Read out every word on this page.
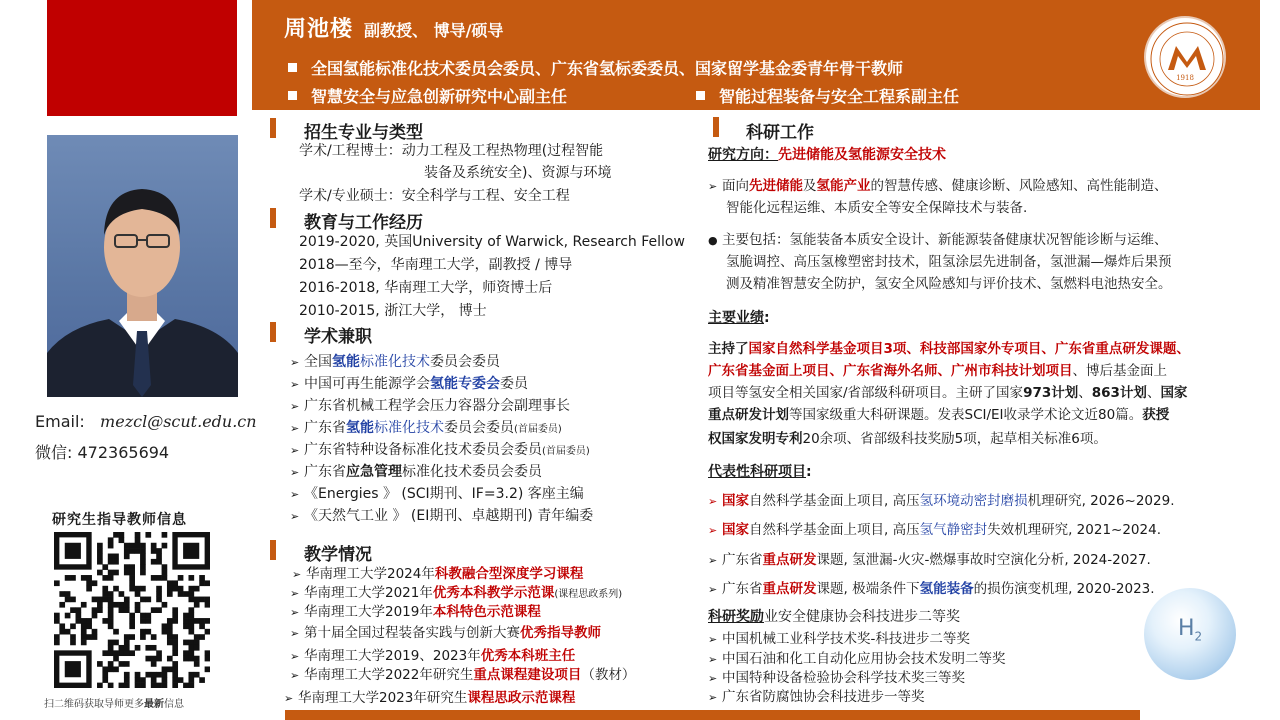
周池楼 副教授、 博导/硕导
全国氢能标准化技术委员会委员、广东省氢标委委员、国家留学基金委青年骨干教师
智慧安全与应急创新研究中心副主任	智能过程装备与安全工程系副主任
1918
Email: mezcl@scut.edu.cn
微信: 472365694
研究生指导教师信息
扫二维码获取导师更多最新信息
招生专业与类型
学术/工程博士：动力工程及工程热物理(过程智能
装备及系统安全)、资源与环境
学术/专业硕士：安全科学与工程、安全工程
教育与工作经历
2019-2020, 英国University of Warwick, Research Fellow
2018—至今，华南理工大学，副教授 / 博导
2016-2018, 华南理工大学，师资博士后
2010-2015, 浙江大学， 博士
学术兼职
➢ 全国氢能标准化技术委员会委员
➢ 中国可再生能源学会氢能专委会委员
➢ 广东省机械工程学会压力容器分会副理事长
➢ 广东省氢能标准化技术委员会委员(首届委员)
➢ 广东省特种设备标准化技术委员会委员(首届委员)
➢ 广东省应急管理标准化技术委员会委员
➢ 《Energies 》 (SCI期刊、IF=3.2) 客座主编
➢ 《天然气工业 》 (EI期刊、卓越期刊) 青年编委
教学情况
➢ 华南理工大学2024年科教融合型深度学习课程
➢ 华南理工大学2021年优秀本科教学示范课(课程思政系列)
➢ 华南理工大学2019年本科特色示范课程
➢ 第十届全国过程装备实践与创新大赛优秀指导教师
➢ 华南理工大学2019、2023年优秀本科班主任
➢ 华南理工大学2022年研究生重点课程建设项目（教材）
➢ 华南理工大学2023年研究生课程思政示范课程
科研工作
研究方向：先进储能及氢能源安全技术
➢ 面向先进储能及氢能产业的智慧传感、健康诊断、风险感知、高性能制造、
智能化远程运维、本质安全等安全保障技术与装备.
● 主要包括：氢能装备本质安全设计、新能源装备健康状况智能诊断与运维、
氢脆调控、高压氢橡塑密封技术，阻氢涂层先进制备，氢泄漏—爆炸后果预
测及精准智慧安全防护，氢安全风险感知与评价技术、氢燃料电池热安全。
主要业绩:
主持了国家自然科学基金项目3项、科技部国家外专项目、广东省重点研发课题、
广东省基金面上项目、广东省海外名师、广州市科技计划项目、博后基金面上
项目等氢安全相关国家/省部级科研项目。主研了国家973计划、863计划、国家
重点研发计划等国家级重大科研课题。发表SCI/EI收录学术论文近80篇。获授
权国家发明专利20余项、省部级科技奖励5项，起草相关标准6项。
代表性科研项目:
➢ 国家自然科学基金面上项目, 高压氢环境动密封磨损机理研究, 2026~2029.
➢ 国家自然科学基金面上项目, 高压氢气静密封失效机理研究, 2021~2024.
➢ 广东省重点研发课题, 氢泄漏-火灾-燃爆事故时空演化分析, 2024-2027.
➢ 广东省重点研发课题, 极端条件下氢能装备的损伤演变机理, 2020-2023.
科研奖励业安全健康协会科技进步二等奖
➢ 中国机械工业科学技术奖-科技进步二等奖
➢ 中国石油和化工自动化应用协会技术发明二等奖
➢ 中国特种设备检验协会科学技术奖三等奖
➢ 广东省防腐蚀协会科技进步一等奖
$H_2$
